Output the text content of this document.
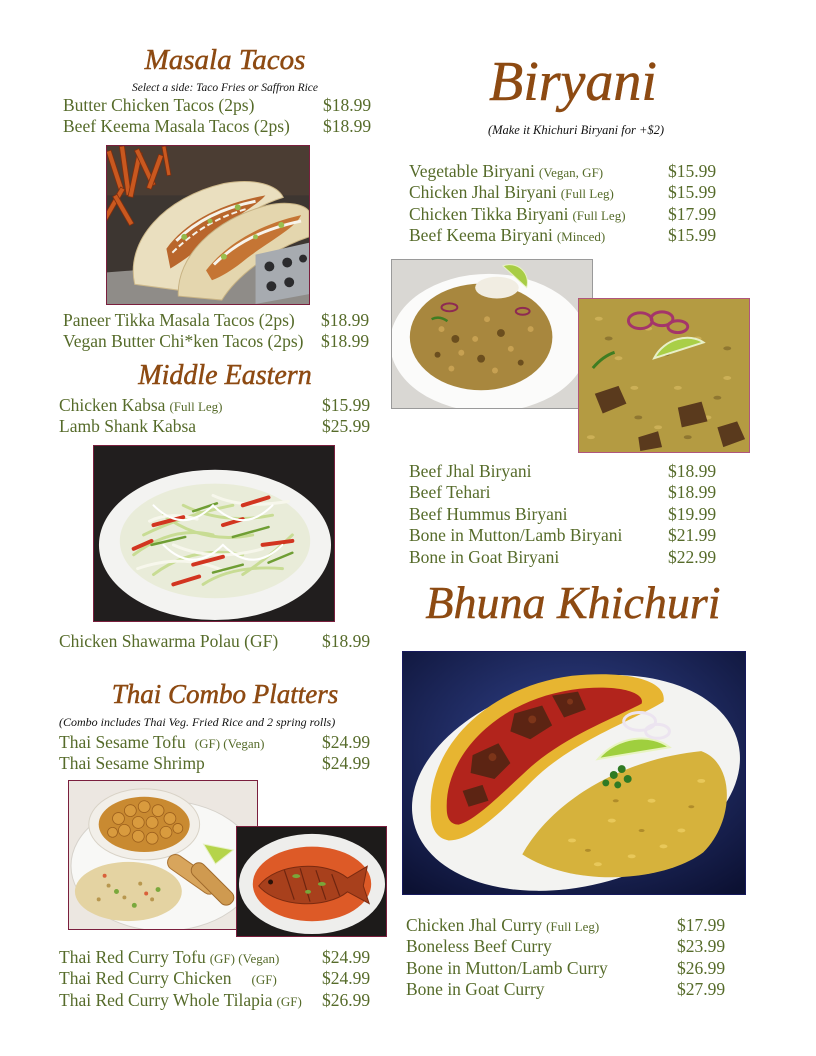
Masala Tacos
Select a side: Taco Fries or Saffron Rice
Butter Chicken Tacos (2ps)	$18.99
Beef Keema Masala Tacos (2ps) $18.99
Paneer Tikka Masala Tacos (2ps) $18.99
Vegan Butter Chi*ken Tacos (2ps) $18.99
Middle Eastern
Chicken Kabsa (Full Leg)	$15.99
Lamb Shank Kabsa	$25.99
Chicken Shawarma Polau (GF)	$18.99
Thai Combo Platters
(Combo includes Thai Veg. Fried Rice and 2 spring rolls)
Thai Sesame Tofu (GF) (Vegan)	$24.99
Thai Sesame Shrimp	$24.99
Thai Red Curry Tofu (GF) (Vegan) $24.99
Thai Red Curry Chicken (GF)	$24.99
Thai Red Curry Whole Tilapia (GF) $26.99
Biryani
(Make it Khichuri Biryani for +$2)
Vegetable Biryani (Vegan, GF)	$15.99
Chicken Jhal Biryani (Full Leg)	$15.99
Chicken Tikka Biryani (Full Leg) $17.99
Beef Keema Biryani (Minced)	$15.99
Beef Jhal Biryani	$18.99
Beef Tehari	$18.99
Beef Hummus Biryani	$19.99
Bone in Mutton/Lamb Biryani	$21.99
Bone in Goat Biryani	$22.99
Bhuna Khichuri
Chicken Jhal Curry (Full Leg)	$17.99
Boneless Beef Curry	$23.99
Bone in Mutton/Lamb Curry	$26.99
Bone in Goat Curry	$27.99
